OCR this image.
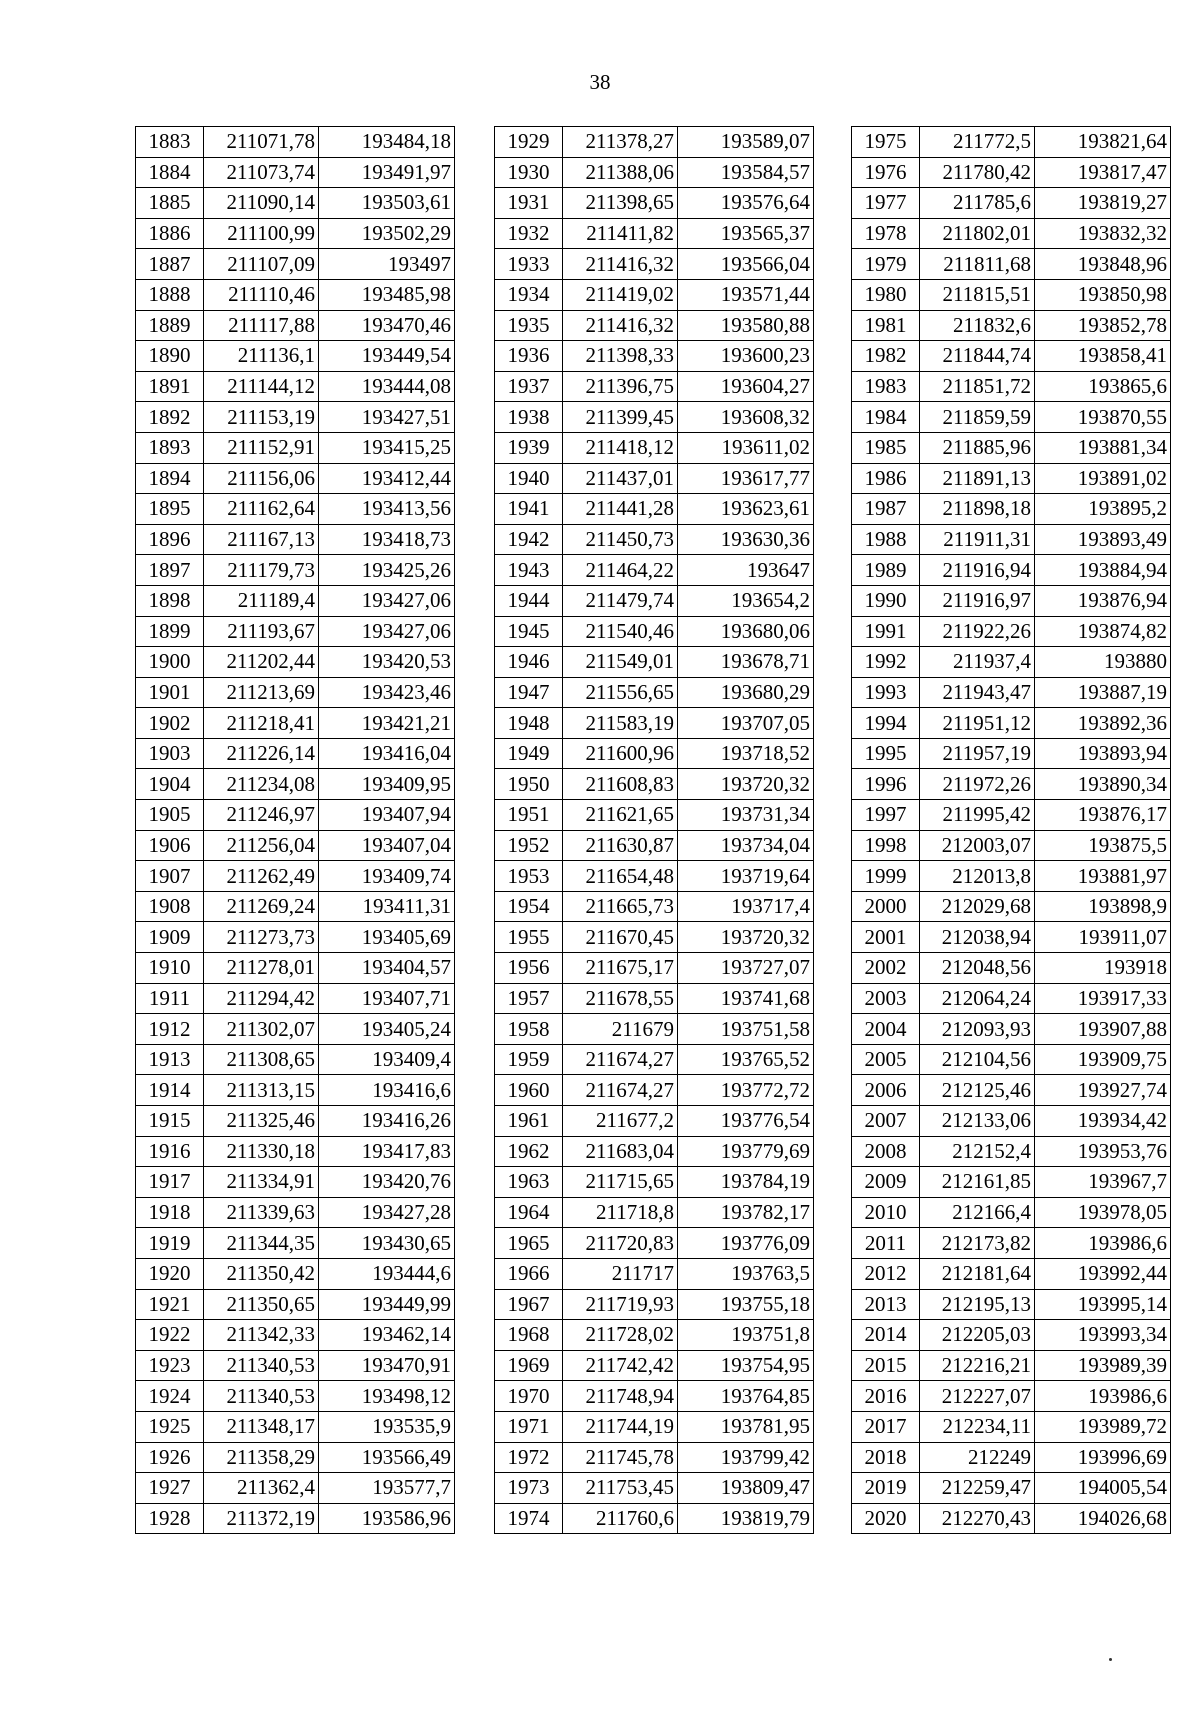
38
1883	211071,78	193484,18
1884	211073,74	193491,97
1885	211090,14	193503,61
1886	211100,99	193502,29
1887	211107,09	193497
1888	211110,46	193485,98
1889	211117,88	193470,46
1890	211136,1	193449,54
1891	211144,12	193444,08
1892	211153,19	193427,51
1893	211152,91	193415,25
1894	211156,06	193412,44
1895	211162,64	193413,56
1896	211167,13	193418,73
1897	211179,73	193425,26
1898	211189,4	193427,06
1899	211193,67	193427,06
1900	211202,44	193420,53
1901	211213,69	193423,46
1902	211218,41	193421,21
1903	211226,14	193416,04
1904	211234,08	193409,95
1905	211246,97	193407,94
1906	211256,04	193407,04
1907	211262,49	193409,74
1908	211269,24	193411,31
1909	211273,73	193405,69
1910	211278,01	193404,57
1911	211294,42	193407,71
1912	211302,07	193405,24
1913	211308,65	193409,4
1914	211313,15	193416,6
1915	211325,46	193416,26
1916	211330,18	193417,83
1917	211334,91	193420,76
1918	211339,63	193427,28
1919	211344,35	193430,65
1920	211350,42	193444,6
1921	211350,65	193449,99
1922	211342,33	193462,14
1923	211340,53	193470,91
1924	211340,53	193498,12
1925	211348,17	193535,9
1926	211358,29	193566,49
1927	211362,4	193577,7
1928	211372,19	193586,96
1929	211378,27	193589,07
1930	211388,06	193584,57
1931	211398,65	193576,64
1932	211411,82	193565,37
1933	211416,32	193566,04
1934	211419,02	193571,44
1935	211416,32	193580,88
1936	211398,33	193600,23
1937	211396,75	193604,27
1938	211399,45	193608,32
1939	211418,12	193611,02
1940	211437,01	193617,77
1941	211441,28	193623,61
1942	211450,73	193630,36
1943	211464,22	193647
1944	211479,74	193654,2
1945	211540,46	193680,06
1946	211549,01	193678,71
1947	211556,65	193680,29
1948	211583,19	193707,05
1949	211600,96	193718,52
1950	211608,83	193720,32
1951	211621,65	193731,34
1952	211630,87	193734,04
1953	211654,48	193719,64
1954	211665,73	193717,4
1955	211670,45	193720,32
1956	211675,17	193727,07
1957	211678,55	193741,68
1958	211679	193751,58
1959	211674,27	193765,52
1960	211674,27	193772,72
1961	211677,2	193776,54
1962	211683,04	193779,69
1963	211715,65	193784,19
1964	211718,8	193782,17
1965	211720,83	193776,09
1966	211717	193763,5
1967	211719,93	193755,18
1968	211728,02	193751,8
1969	211742,42	193754,95
1970	211748,94	193764,85
1971	211744,19	193781,95
1972	211745,78	193799,42
1973	211753,45	193809,47
1974	211760,6	193819,79
1975	211772,5	193821,64
1976	211780,42	193817,47
1977	211785,6	193819,27
1978	211802,01	193832,32
1979	211811,68	193848,96
1980	211815,51	193850,98
1981	211832,6	193852,78
1982	211844,74	193858,41
1983	211851,72	193865,6
1984	211859,59	193870,55
1985	211885,96	193881,34
1986	211891,13	193891,02
1987	211898,18	193895,2
1988	211911,31	193893,49
1989	211916,94	193884,94
1990	211916,97	193876,94
1991	211922,26	193874,82
1992	211937,4	193880
1993	211943,47	193887,19
1994	211951,12	193892,36
1995	211957,19	193893,94
1996	211972,26	193890,34
1997	211995,42	193876,17
1998	212003,07	193875,5
1999	212013,8	193881,97
2000	212029,68	193898,9
2001	212038,94	193911,07
2002	212048,56	193918
2003	212064,24	193917,33
2004	212093,93	193907,88
2005	212104,56	193909,75
2006	212125,46	193927,74
2007	212133,06	193934,42
2008	212152,4	193953,76
2009	212161,85	193967,7
2010	212166,4	193978,05
2011	212173,82	193986,6
2012	212181,64	193992,44
2013	212195,13	193995,14
2014	212205,03	193993,34
2015	212216,21	193989,39
2016	212227,07	193986,6
2017	212234,11	193989,72
2018	212249	193996,69
2019	212259,47	194005,54
2020	212270,43	194026,68
